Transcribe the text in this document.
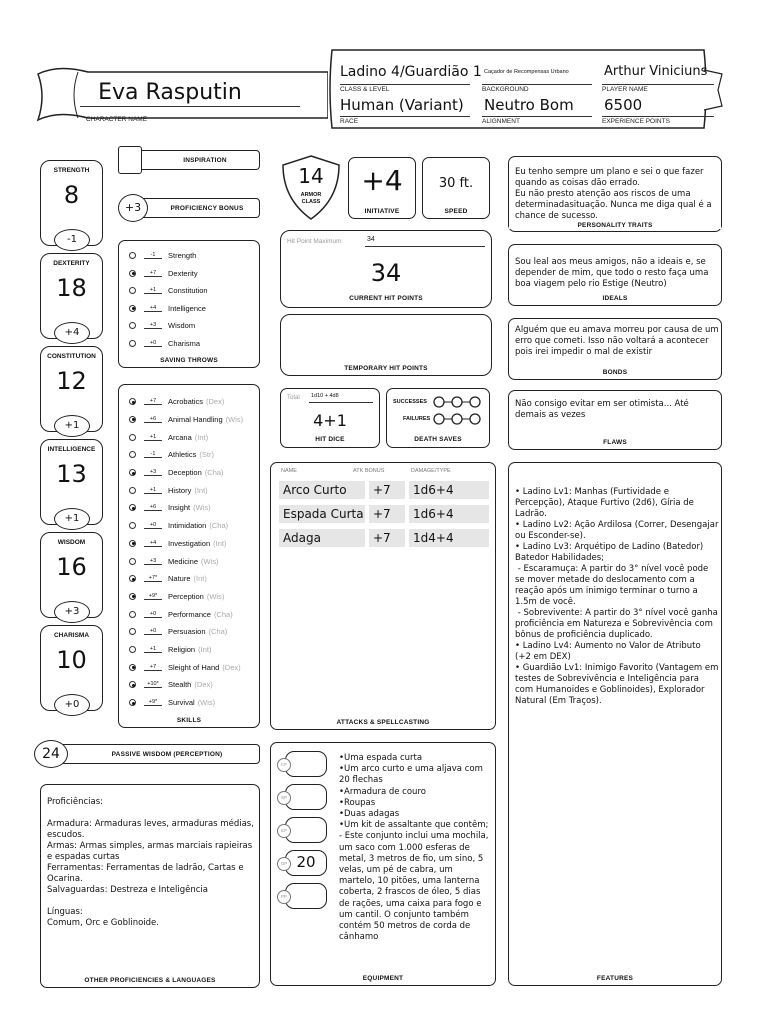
Eva Rasputin
CHARACTER NAME
Ladino 4/Guardião 1
CLASS & LEVEL
Caçador de Recompensas Urbano
BACKGROUND
Arthur Viniciuns
PLAYER NAME
Human (Variant)
RACE
Neutro Bom
ALIGNMENT
6500
EXPERIENCE POINTS
STRENGTH
8
-1
DEXTERITY
18
+4
CONSTITUTION
12
+1
INTELLIGENCE
13
+1
WISDOM
16
+3
CHARISMA
10
+0
INSPIRATION
+3	PROFICIENCY BONUS
-1	Strength
+7	Dexterity
+1	Constitution
+4	Intelligence
+3	Wisdom
+0	Charisma
SAVING THROWS
+7	Acrobatics (Dex)
+6	Animal Handling (Wis)
+1	Arcana (Int)
-1	Athletics (Str)
+3	Deception (Cha)
+1	History (Int)
+6	Insight (Wis)
+0	Intimidation (Cha)
+4	Investigation (Int)
+3	Medicine (Wis)
+7*	Nature (Int)
+9*	Perception (Wis)
+0	Performance (Cha)
+0	Persuasion (Cha)
+1	Religion (Int)
+7	Sleight of Hand (Dex)
+10*	Stealth (Dex)
+9*	Survival (Wis)
SKILLS
24	PASSIVE WISDOM (PERCEPTION)
Proficiências:

Armadura: Armaduras leves, armaduras médias, escudos.
Armas: Armas simples, armas marciais rapieiras e espadas curtas
Ferramentas: Ferramentas de ladrão, Cartas e Ocarina.
Salvaguardas: Destreza e Inteligência

Línguas:
Comum, Orc e Goblinoide.
OTHER PROFICIENCIES & LANGUAGES
14
ARMOR
CLASS
+4
INITIATIVE
30 ft.
SPEED
Hit Point Maximum	34
34
CURRENT HIT POINTS
TEMPORARY HIT POINTS
Total 1d10 + 4d8
4+1
HIT DICE
SUCCESSES
FAILURES
DEATH SAVES
NAME	ATK BONUS	DAMAGE/TYPE
Arco Curto	+7	1d6+4
Espada Curta +7	1d6+4
Adaga	+7	1d4+4
ATTACKS & SPELLCASTING
CP
SP
EP
GP 20
PP
•Uma espada curta
•Um arco curto e uma aljava com 20 flechas
•Armadura de couro
•Roupas
•Duas adagas
•Um kit de assaltante que contêm;
- Este conjunto inclui uma mochila, um saco com 1.000 esferas de metal, 3 metros de fio, um sino, 5 velas, um pé de cabra, um martelo, 10 pitões, uma lanterna coberta, 2 frascos de óleo, 5 dias de rações, uma caixa para fogo e um cantil. O conjunto também contém 50 metros de corda de cânhamo
EQUIPMENT
Eu tenho sempre um plano e sei o que fazer quando as coisas dão errado.
Eu não presto atenção aos riscos de uma determinadasituação. Nunca me diga qual é a chance de sucesso.
PERSONALITY TRAITS
Sou leal aos meus amigos, não a ideais e, se depender de mim, que todo o resto faça uma boa viagem pelo rio Estige (Neutro)
IDEALS
Alguém que eu amava morreu por causa de um erro que cometi. Isso não voltará a acontecer pois irei impedir o mal de existir
BONDS
Não consigo evitar em ser otimista... Até demais as vezes
FLAWS
• Ladino Lv1: Manhas (Furtividade e Percepção), Ataque Furtivo (2d6), Gíria de Ladrão.
• Ladino Lv2: Ação Ardilosa (Correr, Desengajar ou Esconder-se).
• Ladino Lv3: Arquétipo de Ladino (Batedor) Batedor Habilidades;
- Escaramuça: A partir do 3° nível você pode se mover metade do deslocamento com a reação após um inimigo terminar o turno a 1.5m de você.
- Sobrevivente: A partir do 3° nível você ganha proficiência em Natureza e Sobrevivência com bônus de proficiência duplicado.
• Ladino Lv4: Aumento no Valor de Atributo (+2 em DEX)
• Guardião Lv1: Inimigo Favorito (Vantagem em testes de Sobrevivência e Inteligência para com Humanoides e Goblinoides), Explorador Natural (Em Traços).
FEATURES
